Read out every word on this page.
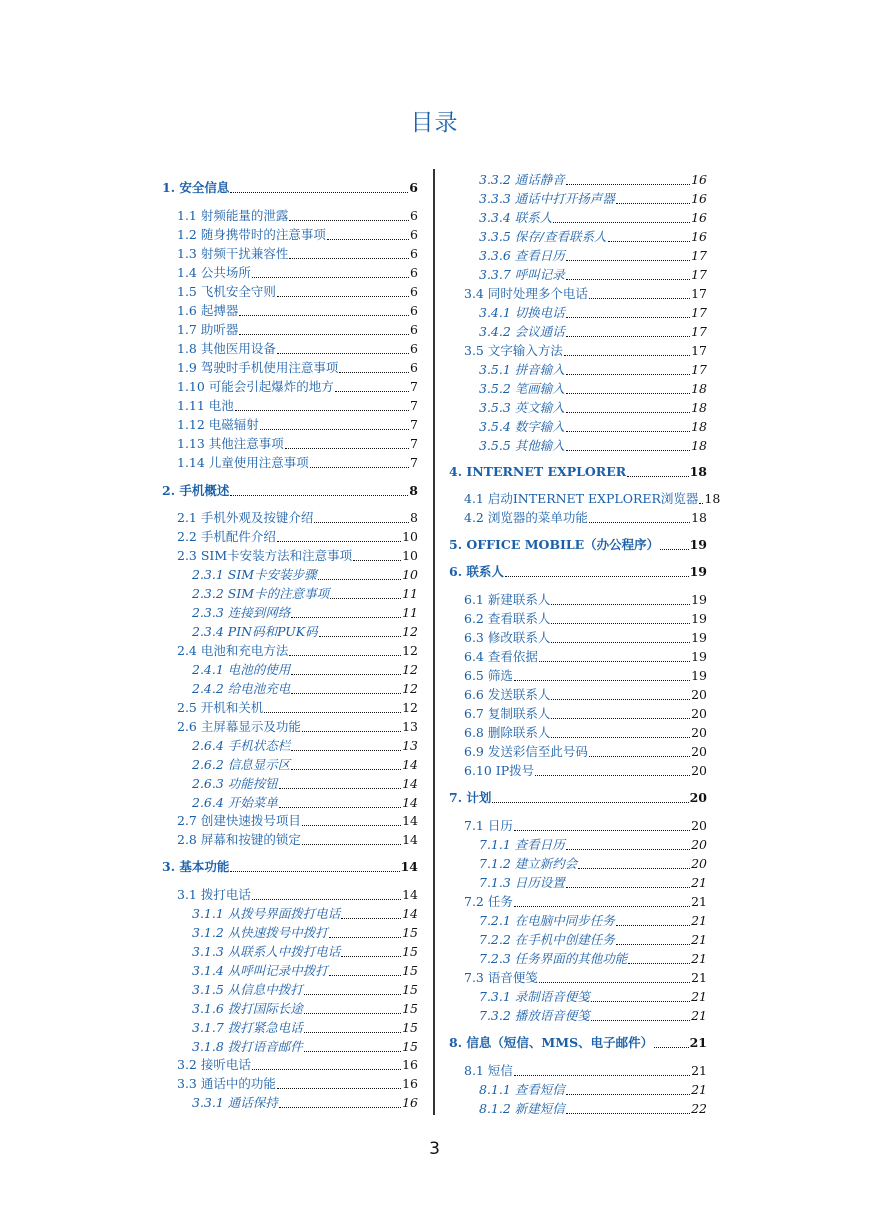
目录
1. 安全信息	6
1.1 射频能量的泄露	6
1.2 随身携带时的注意事项	6
1.3 射频干扰兼容性	6
1.4 公共场所	6
1.5 飞机安全守则	6
1.6 起搏器	6
1.7 助听器	6
1.8 其他医用设备	6
1.9 驾驶时手机使用注意事项	6
1.10 可能会引起爆炸的地方	7
1.11 电池	7
1.12 电磁辐射	7
1.13 其他注意事项	7
1.14 儿童使用注意事项	7
2. 手机概述	8
2.1 手机外观及按键介绍	8
2.2 手机配件介绍	10
2.3 SIM卡安装方法和注意事项	10
2.3.1 SIM卡安装步骤	10
2.3.2 SIM卡的注意事项	11
2.3.3 连接到网络	11
2.3.4 PIN码和PUK码	12
2.4 电池和充电方法	12
2.4.1 电池的使用	12
2.4.2 给电池充电	12
2.5 开机和关机	12
2.6 主屏幕显示及功能	13
2.6.4 手机状态栏	13
2.6.2 信息显示区	14
2.6.3 功能按钮	14
2.6.4 开始菜单	14
2.7 创建快速拨号项目	14
2.8 屏幕和按键的锁定	14
3. 基本功能	14
3.1 拨打电话	14
3.1.1 从拨号界面拨打电话	14
3.1.2 从快速拨号中拨打	15
3.1.3 从联系人中拨打电话	15
3.1.4 从呼叫记录中拨打	15
3.1.5 从信息中拨打	15
3.1.6 拨打国际长途	15
3.1.7 拨打紧急电话	15
3.1.8 拨打语音邮件	15
3.2 接听电话	16
3.3 通话中的功能	16
3.3.1 通话保持	16
3.3.2 通话静音	16
3.3.3 通话中打开扬声器	16
3.3.4 联系人	16
3.3.5 保存/查看联系人	16
3.3.6 查看日历	17
3.3.7 呼叫记录	17
3.4 同时处理多个电话	17
3.4.1 切换电话	17
3.4.2 会议通话	17
3.5 文字输入方法	17
3.5.1 拼音输入	17
3.5.2 笔画输入	18
3.5.3 英文输入	18
3.5.4 数字输入	18
3.5.5 其他输入	18
4. INTERNET EXPLORER	18
4.1 启动INTERNET EXPLORER浏览器 18
4.2 浏览器的菜单功能	18
5. OFFICE MOBILE（办公程序） 19
6. 联系人	19
6.1 新建联系人	19
6.2 查看联系人	19
6.3 修改联系人	19
6.4 查看依据	19
6.5 筛选	19
6.6 发送联系人	20
6.7 复制联系人	20
6.8 删除联系人	20
6.9 发送彩信至此号码	20
6.10 IP拨号	20
7. 计划	20
7.1 日历	20
7.1.1 查看日历	20
7.1.2 建立新约会	20
7.1.3 日历设置	21
7.2 任务	21
7.2.1 在电脑中同步任务	21
7.2.2 在手机中创建任务	21
7.2.3 任务界面的其他功能	21
7.3 语音便笺	21
7.3.1 录制语音便笺	21
7.3.2 播放语音便笺	21
8. 信息（短信、MMS、电子邮件）	21
8.1 短信	21
8.1.1 查看短信	21
8.1.2 新建短信	22
3
